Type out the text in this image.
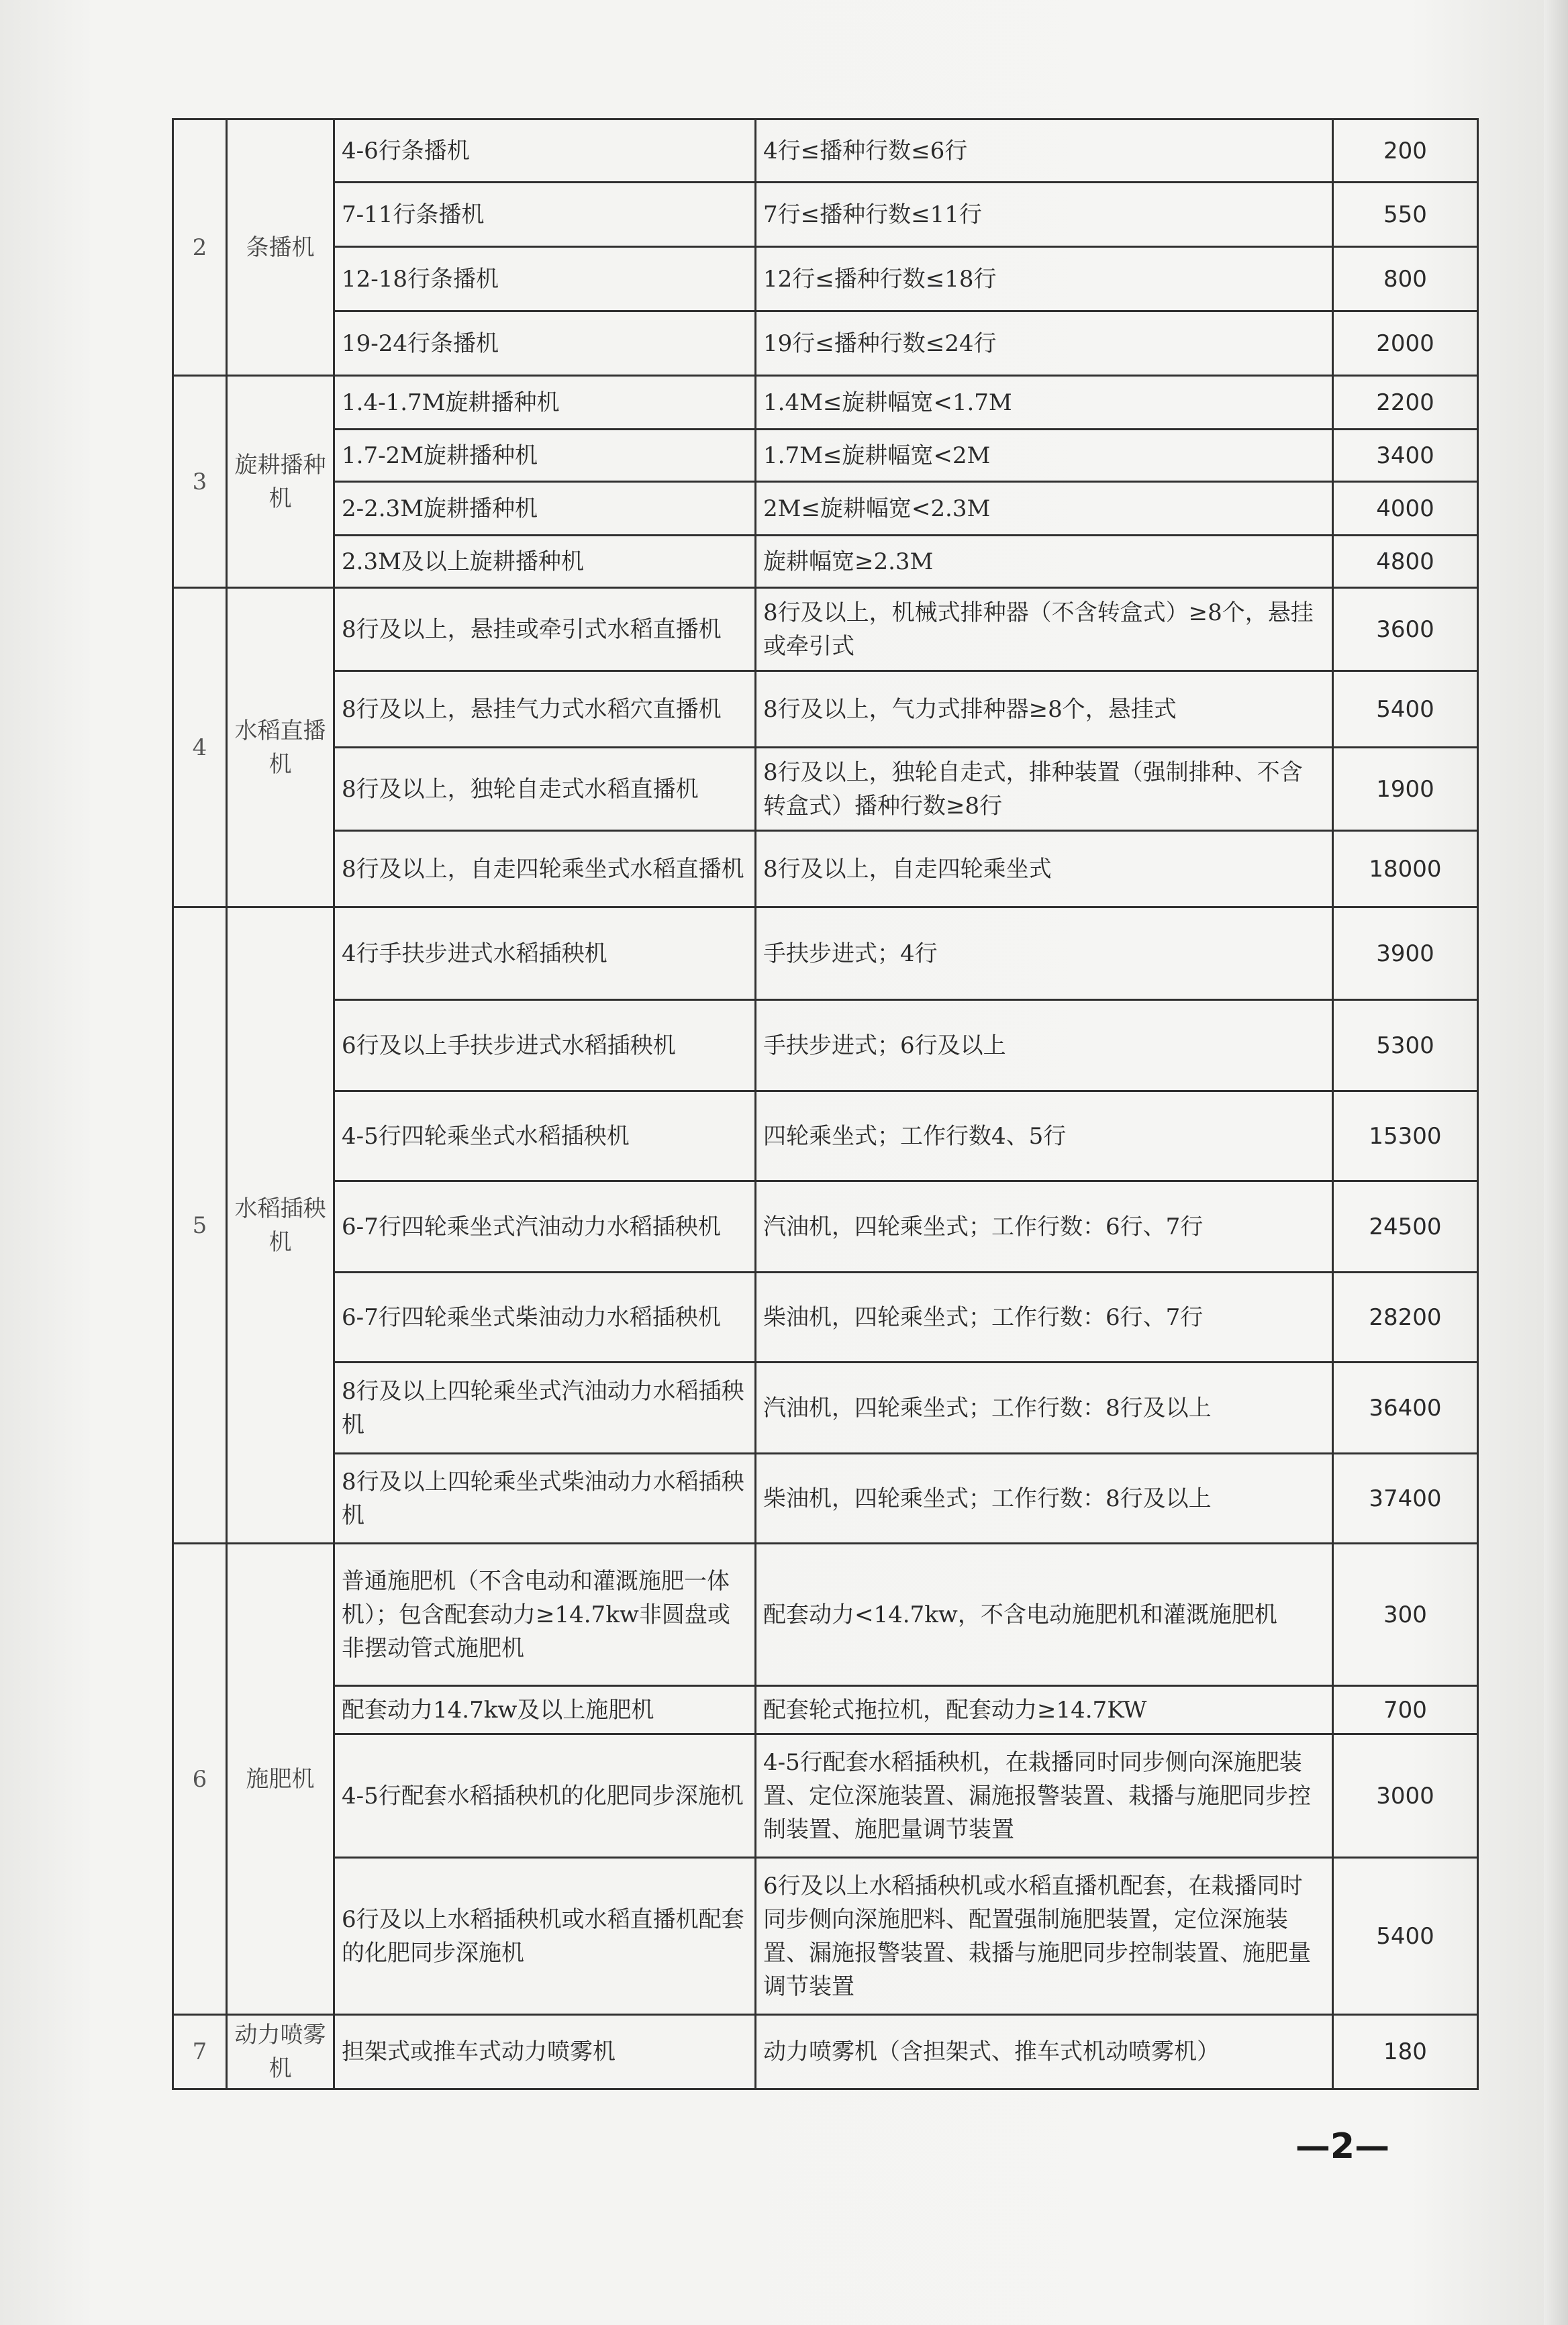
2	条播机	4-6行条播机	4行≤播种行数≤6行	200
		7-11行条播机	7行≤播种行数≤11行	550
		12-18行条播机	12行≤播种行数≤18行	800
		19-24行条播机	19行≤播种行数≤24行	2000
3	旋耕播种机	1.4-1.7M旋耕播种机	1.4M≤旋耕幅宽<1.7M	2200
		1.7-2M旋耕播种机	1.7M≤旋耕幅宽<2M	3400
		2-2.3M旋耕播种机	2M≤旋耕幅宽<2.3M	4000
		2.3M及以上旋耕播种机	旋耕幅宽≥2.3M	4800
4	水稻直播机	8行及以上，悬挂或牵引式水稻直播机	8行及以上，机械式排种器（不含转盒式）≥8个，悬挂或牵引式	3600
		8行及以上，悬挂气力式水稻穴直播机	8行及以上，气力式排种器≥8个，悬挂式	5400
		8行及以上，独轮自走式水稻直播机	8行及以上，独轮自走式，排种装置（强制排种、不含转盒式）播种行数≥8行	1900
		8行及以上，自走四轮乘坐式水稻直播机	8行及以上，自走四轮乘坐式	18000
5	水稻插秧机	4行手扶步进式水稻插秧机	手扶步进式；4行	3900
		6行及以上手扶步进式水稻插秧机	手扶步进式；6行及以上	5300
		4-5行四轮乘坐式水稻插秧机	四轮乘坐式；工作行数4、5行	15300
		6-7行四轮乘坐式汽油动力水稻插秧机	汽油机，四轮乘坐式；工作行数：6行、7行	24500
		6-7行四轮乘坐式柴油动力水稻插秧机	柴油机，四轮乘坐式；工作行数：6行、7行	28200
		8行及以上四轮乘坐式汽油动力水稻插秧机	汽油机，四轮乘坐式；工作行数：8行及以上	36400
		8行及以上四轮乘坐式柴油动力水稻插秧机	柴油机，四轮乘坐式；工作行数：8行及以上	37400
6	施肥机	普通施肥机（不含电动和灌溉施肥一体机）；包含配套动力≥14.7kw非圆盘或非摆动管式施肥机	配套动力<14.7kw，不含电动施肥机和灌溉施肥机	300
		配套动力14.7kw及以上施肥机	配套轮式拖拉机，配套动力≥14.7KW	700
		4-5行配套水稻插秧机的化肥同步深施机	4-5行配套水稻插秧机，在栽播同时同步侧向深施肥装置、定位深施装置、漏施报警装置、栽播与施肥同步控制装置、施肥量调节装置	3000
		6行及以上水稻插秧机或水稻直播机配套的化肥同步深施机	6行及以上水稻插秧机或水稻直播机配套，在栽播同时同步侧向深施肥料、配置强制施肥装置，定位深施装置、漏施报警装置、栽播与施肥同步控制装置、施肥量调节装置	5400
7	动力喷雾机	担架式或推车式动力喷雾机	动力喷雾机（含担架式、推车式机动喷雾机）	180
—2—
